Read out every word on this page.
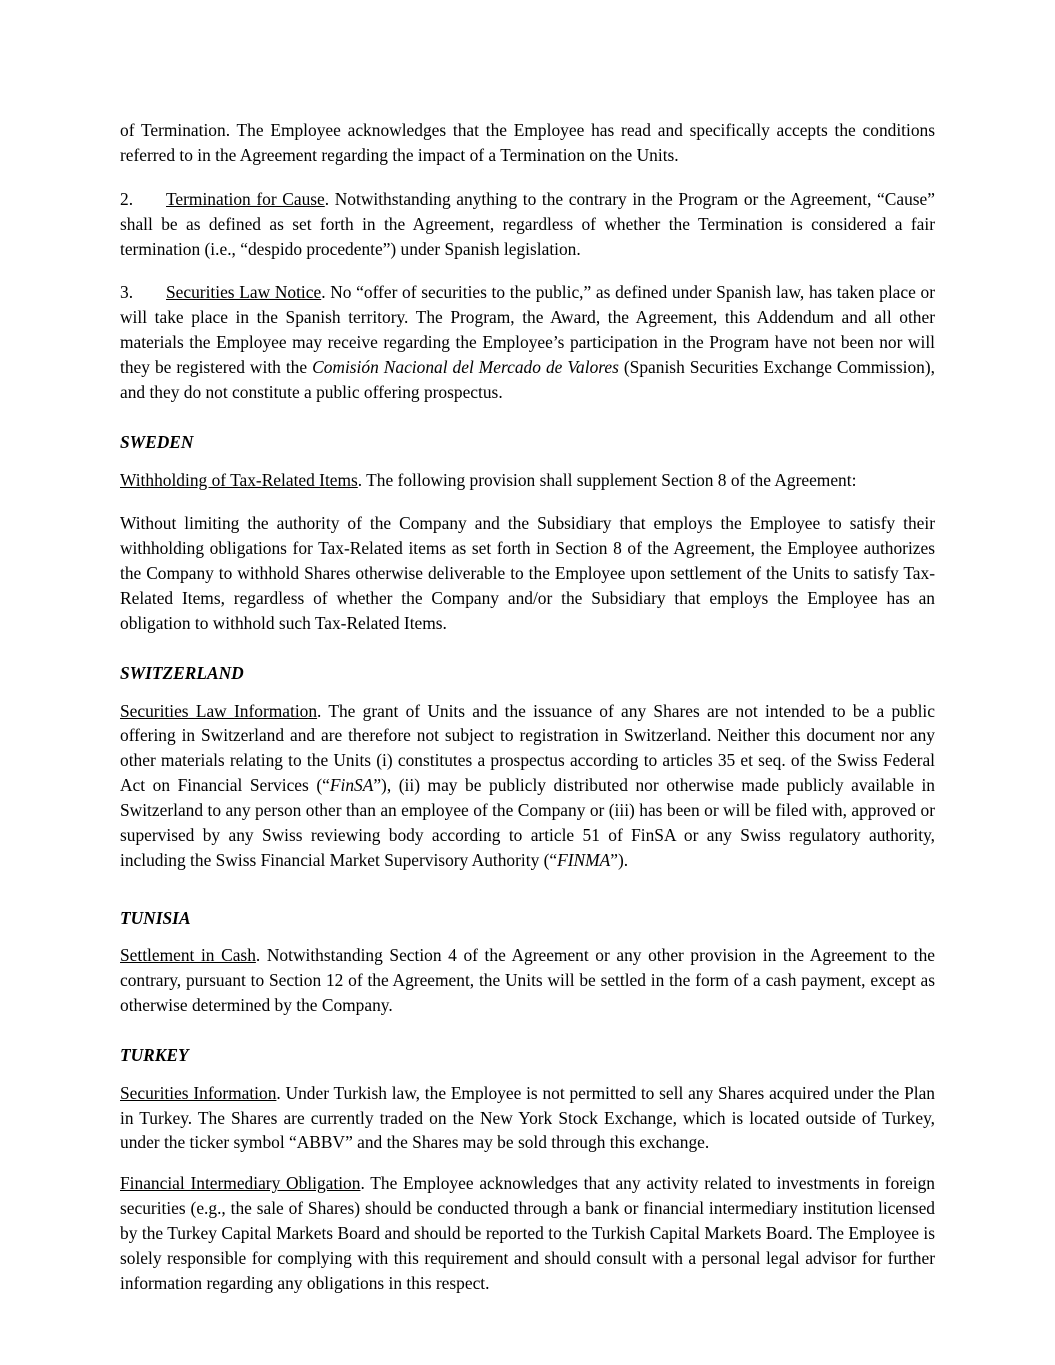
of Termination. The Employee acknowledges that the Employee has read and specifically accepts the conditions referred to in the Agreement regarding the impact of a Termination on the Units.

2. Termination for Cause. Notwithstanding anything to the contrary in the Program or the Agreement, “Cause” shall be as defined as set forth in the Agreement, regardless of whether the Termination is considered a fair termination (i.e., “despido procedente”) under Spanish legislation.

3. Securities Law Notice. No “offer of securities to the public,” as defined under Spanish law, has taken place or will take place in the Spanish territory. The Program, the Award, the Agreement, this Addendum and all other materials the Employee may receive regarding the Employee’s participation in the Program have not been nor will they be registered with the Comisión Nacional del Mercado de Valores (Spanish Securities Exchange Commission), and they do not constitute a public offering prospectus.

SWEDEN

Withholding of Tax-Related Items. The following provision shall supplement Section 8 of the Agreement:

Without limiting the authority of the Company and the Subsidiary that employs the Employee to satisfy their withholding obligations for Tax-Related items as set forth in Section 8 of the Agreement, the Employee authorizes the Company to withhold Shares otherwise deliverable to the Employee upon settlement of the Units to satisfy Tax-Related Items, regardless of whether the Company and/or the Subsidiary that employs the Employee has an obligation to withhold such Tax-Related Items.

SWITZERLAND

Securities Law Information. The grant of Units and the issuance of any Shares are not intended to be a public offering in Switzerland and are therefore not subject to registration in Switzerland. Neither this document nor any other materials relating to the Units (i) constitutes a prospectus according to articles 35 et seq. of the Swiss Federal Act on Financial Services (“FinSA”), (ii) may be publicly distributed nor otherwise made publicly available in Switzerland to any person other than an employee of the Company or (iii) has been or will be filed with, approved or supervised by any Swiss reviewing body according to article 51 of FinSA or any Swiss regulatory authority, including the Swiss Financial Market Supervisory Authority (“FINMA”).

TUNISIA

Settlement in Cash. Notwithstanding Section 4 of the Agreement or any other provision in the Agreement to the contrary, pursuant to Section 12 of the Agreement, the Units will be settled in the form of a cash payment, except as otherwise determined by the Company.

TURKEY

Securities Information. Under Turkish law, the Employee is not permitted to sell any Shares acquired under the Plan in Turkey. The Shares are currently traded on the New York Stock Exchange, which is located outside of Turkey, under the ticker symbol “ABBV” and the Shares may be sold through this exchange.

Financial Intermediary Obligation. The Employee acknowledges that any activity related to investments in foreign securities (e.g., the sale of Shares) should be conducted through a bank or financial intermediary institution licensed by the Turkey Capital Markets Board and should be reported to the Turkish Capital Markets Board. The Employee is solely responsible for complying with this requirement and should consult with a personal legal advisor for further information regarding any obligations in this respect.
